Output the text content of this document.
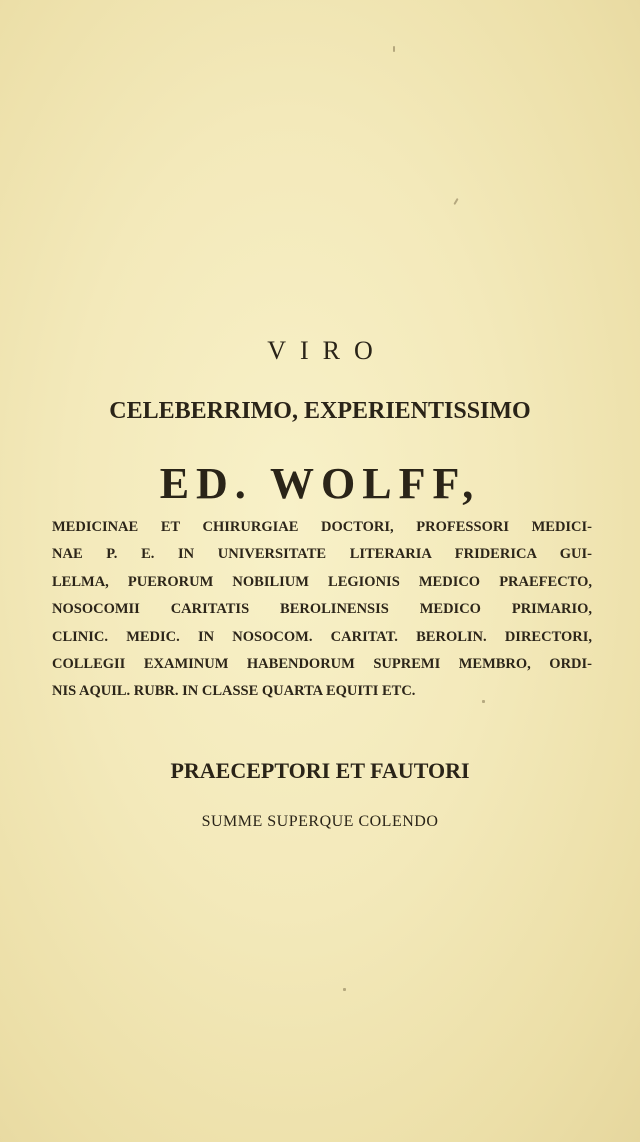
VIRO
CELEBERRIMO, EXPERIENTISSIMO
ED. WOLFF,
MEDICINAE ET CHIRURGIAE DOCTORI, PROFESSORI MEDICI-
NAE P. E. IN UNIVERSITATE LITERARIA FRIDERICA GUI-
LELMA, PUERORUM NOBILIUM LEGIONIS MEDICO PRAEFECTO,
NOSOCOMII CARITATIS BEROLINENSIS MEDICO PRIMARIO,
CLINIC. MEDIC. IN NOSOCOM. CARITAT. BEROLIN. DIRECTORI,
COLLEGII EXAMINUM HABENDORUM SUPREMI MEMBRO, ORDI-
NIS AQUIL. RUBR. IN CLASSE QUARTA EQUITI ETC.
PRAECEPTORI ET FAUTORI
SUMME SUPERQUE COLENDO
